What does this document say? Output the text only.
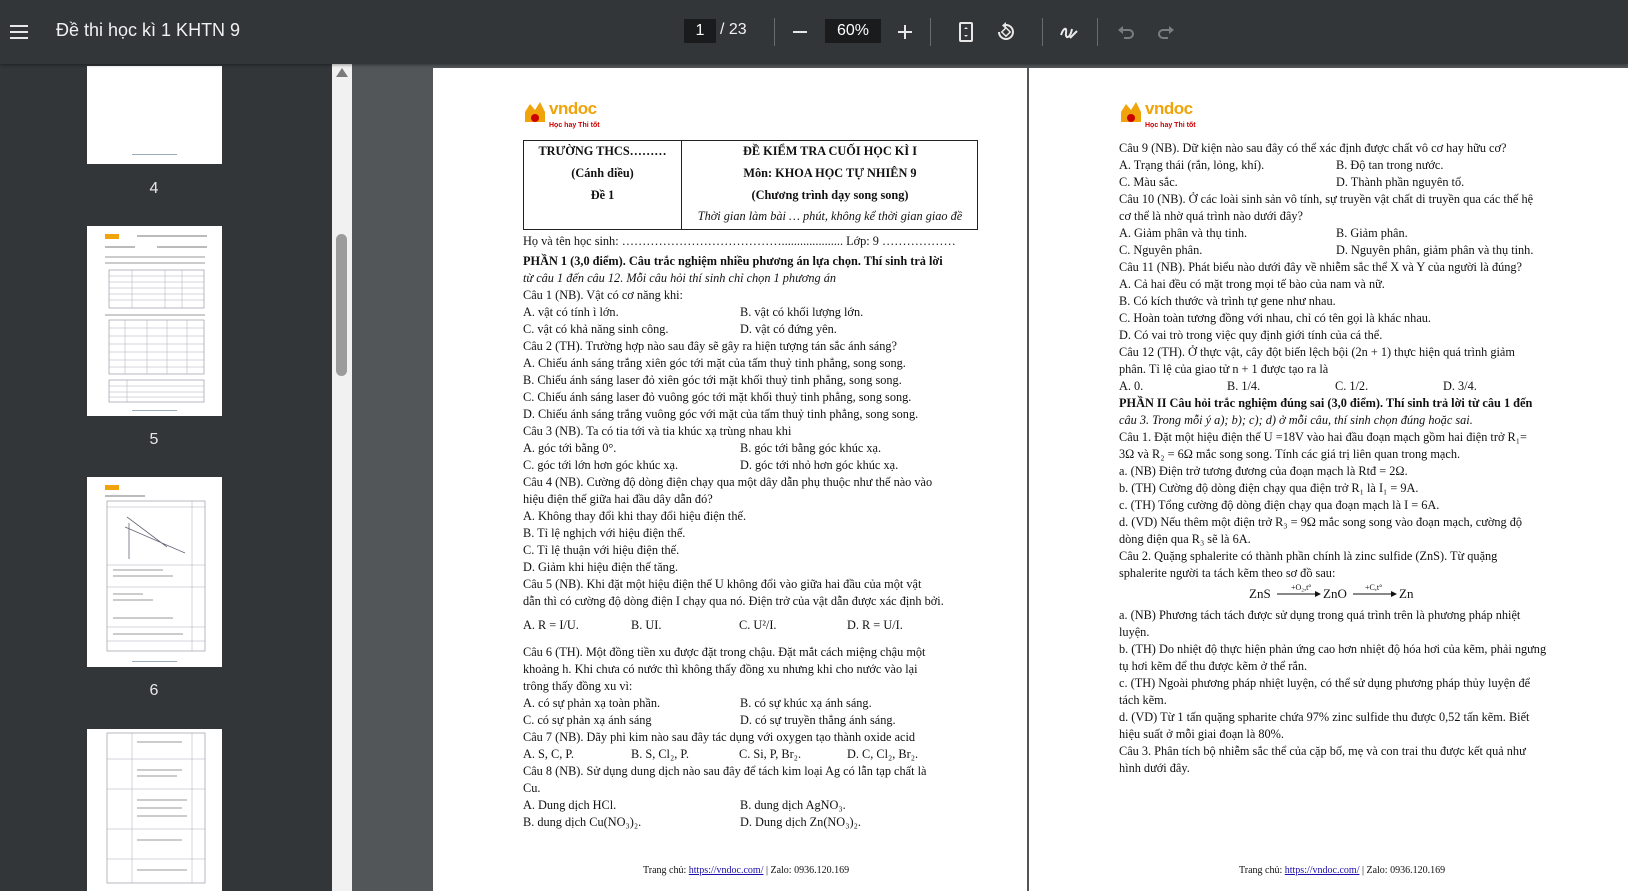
Đề thi học kì 1 KHTN 9	1 / 23	60%
4
5
6
vndoc
Học hay Thi tốt
TRƯỜNG THCS………
(Cánh diều)
Đề 1
ĐỀ KIỂM TRA CUỐI HỌC KÌ I
Môn: KHOA HỌC TỰ NHIÊN 9
(Chương trình dạy song song)
Thời gian làm bài … phút, không kể thời gian giao đề
Họ và tên học sinh: ………………………………….................... Lớp: 9 ………………
PHẦN 1 (3,0 điểm). Câu trắc nghiệm nhiều phương án lựa chọn. Thí sinh trả lời
từ câu 1 đến câu 12. Mỗi câu hỏi thí sinh chỉ chọn 1 phương án
Câu 1 (NB). Vật có cơ năng khi:
A. vật có tính ì lớn.	B. vật có khối lượng lớn.
C. vật có khả năng sinh công.	D. vật có đứng yên.
Câu 2 (TH). Trường hợp nào sau đây sẽ gây ra hiện tượng tán sắc ánh sáng?
A. Chiếu ánh sáng trắng xiên góc tới mặt của tấm thuỷ tinh phẳng, song song.
B. Chiếu ánh sáng laser đỏ xiên góc tới mặt khối thuỷ tinh phẳng, song song.
C. Chiếu ánh sáng laser đỏ vuông góc tới mặt khối thuỷ tinh phẳng, song song.
D. Chiếu ánh sáng trắng vuông góc với mặt của tấm thuỷ tinh phẳng, song song.
Câu 3 (NB). Ta có tia tới và tia khúc xạ trùng nhau khi
A. góc tới bằng 0°.	B. góc tới bằng góc khúc xạ.
C. góc tới lớn hơn góc khúc xạ.	D. góc tới nhỏ hơn góc khúc xạ.
Câu 4 (NB). Cường độ dòng điện chạy qua một dây dẫn phụ thuộc như thế nào vào
hiệu điện thế giữa hai đầu dây dẫn đó?
A. Không thay đổi khi thay đổi hiệu điện thế.
B. Tỉ lệ nghịch với hiệu điện thế.
C. Tỉ lệ thuận với hiệu điện thế.
D. Giảm khi hiệu điện thế tăng.
Câu 5 (NB). Khi đặt một hiệu điện thế U không đổi vào giữa hai đầu của một vật
dẫn thì có cường độ dòng điện I chạy qua nó. Điện trở của vật dẫn được xác định bởi.
A. R = I/U.	B. UI.	C. U²/I.	D. R = U/I.
Câu 6 (TH). Một đồng tiền xu được đặt trong chậu. Đặt mắt cách miệng chậu một
khoảng h. Khi chưa có nước thì không thấy đồng xu nhưng khi cho nước vào lại
trông thấy đồng xu vì:
A. có sự phản xạ toàn phần.	B. có sự khúc xạ ánh sáng.
C. có sự phản xạ ánh sáng	D. có sự truyền thẳng ánh sáng.
Câu 7 (NB). Dãy phi kim nào sau đây tác dụng với oxygen tạo thành oxide acid
A. S, C, P.	B. S, Cl₂, P.	C. Si, P, Br₂.	D. C, Cl₂, Br₂.
Câu 8 (NB). Sử dụng dung dịch nào sau đây để tách kim loại Ag có lẫn tạp chất là
Cu.
A. Dung dịch HCl.	B. dung dịch AgNO₃.
B. dung dịch Cu(NO₃)₂.	D. Dung dịch Zn(NO₃)₂.
Trang chủ: https://vndoc.com/ | Zalo: 0936.120.169
vndoc
Học hay Thi tốt
Câu 9 (NB). Dữ kiện nào sau đây có thể xác định được chất vô cơ hay hữu cơ?
A. Trạng thái (rắn, lỏng, khí).	B. Độ tan trong nước.
C. Màu sắc.	D. Thành phần nguyên tố.
Câu 10 (NB). Ở các loài sinh sản vô tính, sự truyền vật chất di truyền qua các thế hệ
cơ thể là nhờ quá trình nào dưới đây?
A. Giảm phân và thụ tinh.	B. Giảm phân.
C. Nguyên phân.	D. Nguyên phân, giảm phân và thụ tinh.
Câu 11 (NB). Phát biểu nào dưới đây về nhiễm sắc thể X và Y của người là đúng?
A. Cả hai đều có mặt trong mọi tế bào của nam và nữ.
B. Có kích thước và trình tự gene như nhau.
C. Hoàn toàn tương đồng với nhau, chỉ có tên gọi là khác nhau.
D. Có vai trò trong việc quy định giới tính của cá thể.
Câu 12 (TH). Ở thực vật, cây đột biến lệch bội (2n + 1) thực hiện quá trình giảm
phân. Tỉ lệ của giao tử n + 1 được tạo ra là
A. 0.	B. 1/4.	C. 1/2.	D. 3/4.
PHẦN II Câu hỏi trắc nghiệm đúng sai (3,0 điểm). Thí sinh trả lời từ câu 1 đến
câu 3. Trong mỗi ý a); b); c); d) ở mỗi câu, thí sinh chọn đúng hoặc sai.
Câu 1. Đặt một hiệu điện thế U =18V vào hai đầu đoạn mạch gồm hai điện trở R₁=
3Ω và R₂ = 6Ω mắc song song. Tính các giá trị liên quan trong mạch.
a. (NB) Điện trở tương đương của đoạn mạch là Rtđ = 2Ω.
b. (TH) Cường độ dòng điện chạy qua điện trở R₁ là I₁ = 9A.
c. (TH) Tổng cường độ dòng điện chạy qua đoạn mạch là I = 6A.
d. (VD) Nếu thêm một điện trở R₃ = 9Ω mắc song song vào đoạn mạch, cường độ
dòng điện qua R₃ sẽ là 6A.
Câu 2. Quặng sphalerite có thành phần chính là zinc sulfide (ZnS). Từ quặng
sphalerite người ta tách kẽm theo sơ đồ sau:
ZnS	+O₂,t° ZnO +C,t° Zn
a. (NB) Phương tách tách được sử dụng trong quá trình trên là phương pháp nhiệt
luyện.
b. (TH) Do nhiệt độ thực hiện phản ứng cao hơn nhiệt độ hóa hơi của kẽm, phải ngưng
tụ hơi kẽm để thu được kẽm ở thể rắn.
c. (TH) Ngoài phương pháp nhiệt luyện, có thể sử dụng phương pháp thủy luyện để
tách kẽm.
d. (VD) Từ 1 tấn quặng spharite chứa 97% zinc sulfide thu được 0,52 tấn kẽm. Biết
hiệu suất ở mỗi giai đoạn là 80%.
Câu 3. Phân tích bộ nhiễm sắc thể của cặp bố, mẹ và con trai thu được kết quả như
hình dưới đây.
Trang chủ: https://vndoc.com/ | Zalo: 0936.120.169
